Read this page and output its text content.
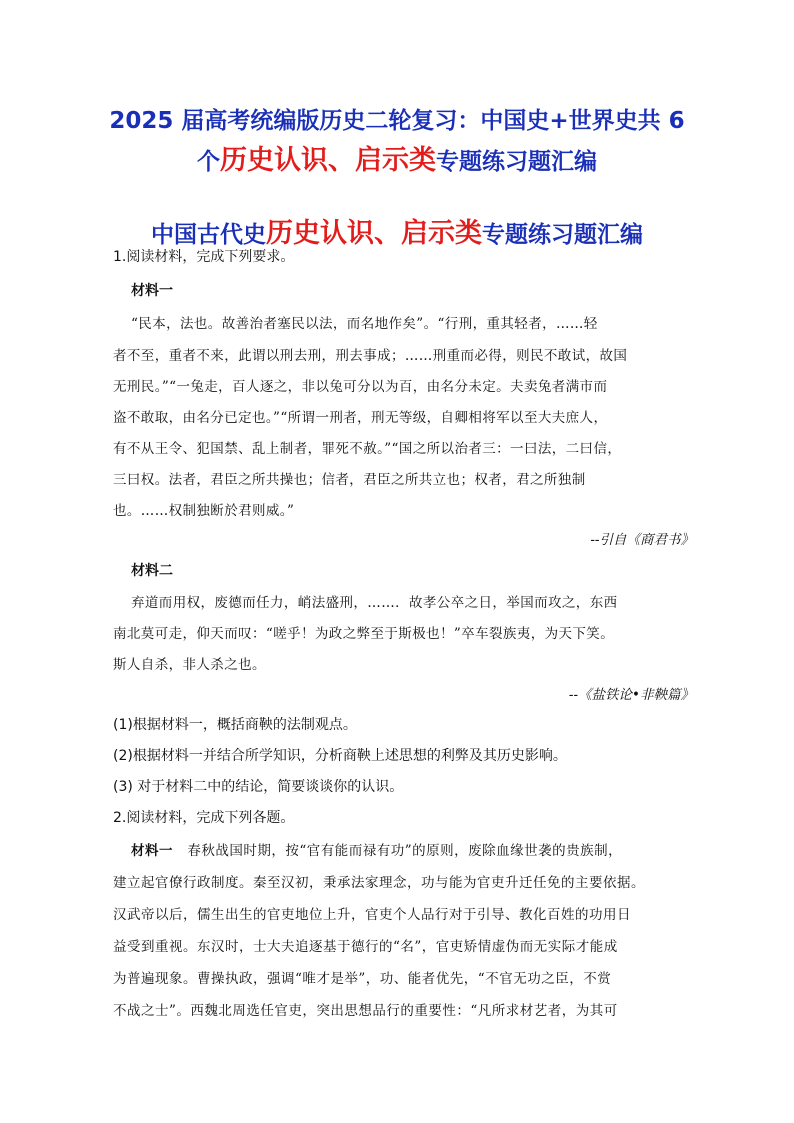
2025 届高考统编版历史二轮复习：中国史+世界史共 6
个历史认识、启示类专题练习题汇编
中国古代史历史认识、启示类专题练习题汇编
1.阅读材料，完成下列要求。
材料一
“民本，法也。故善治者塞民以法，而名地作矣”。“行刑，重其轻者，……轻
者不至，重者不来，此谓以刑去刑，刑去事成；……刑重而必得，则民不敢试，故国
无刑民。”“一兔走，百人逐之，非以兔可分以为百，由名分未定。夫卖兔者满市而
盗不敢取，由名分已定也。”“所谓一刑者，刑无等级，自卿相将军以至大夫庶人，
有不从王令、犯国禁、乱上制者，罪死不赦。”“国之所以治者三：一曰法，二曰信，
三曰权。法者，君臣之所共操也；信者，君臣之所共立也；权者，君之所独制
也。……权制独断於君则威。”
--引自《商君书》
材料二
弃道而用权，废德而任力，峭法盛刑，……．故孝公卒之日，举国而攻之，东西
南北莫可走，仰天而叹：“嗟乎！为政之弊至于斯极也！”卒车裂族夷，为天下笑。
斯人自杀，非人杀之也。
--《盐铁论•非鞅篇》
(1)根据材料一，概括商鞅的法制观点。
(2)根据材料一并结合所学知识，分析商鞅上述思想的利弊及其历史影响。
(3) 对于材料二中的结论，简要谈谈你的认识。
2.阅读材料，完成下列各题。
材料一 春秋战国时期，按“官有能而禄有功”的原则，废除血缘世袭的贵族制，
建立起官僚行政制度。秦至汉初，秉承法家理念，功与能为官吏升迁任免的主要依据。
汉武帝以后，儒生出生的官吏地位上升，官吏个人品行对于引导、教化百姓的功用日
益受到重视。东汉时，士大夫追逐基于德行的“名”，官吏矫情虚伪而无实际才能成
为普遍现象。曹操执政，强调“唯才是举”，功、能者优先，“不官无功之臣，不赏
不战之士”。西魏北周选任官吏，突出思想品行的重要性：“凡所求材艺者，为其可
